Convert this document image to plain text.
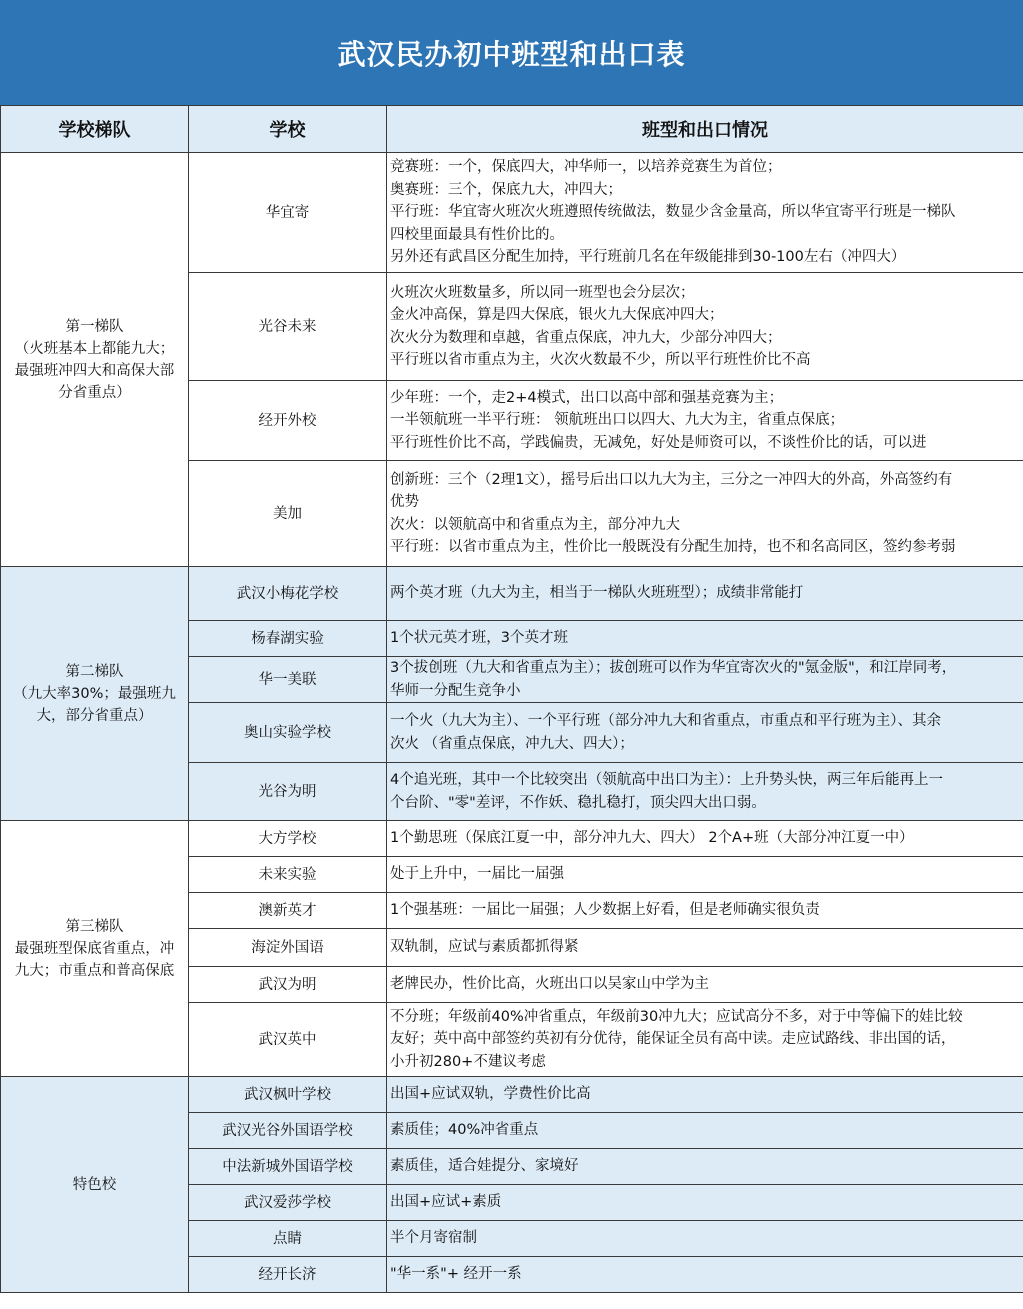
武汉民办初中班型和出口表
学校梯队	学校	班型和出口情况

第一梯队
（火班基本上都能九大；
最强班冲四大和高保大部
分省重点）	华宜寄	竞赛班：一个，保底四大，冲华师一，以培养竞赛生为首位；
奥赛班：三个，保底九大，冲四大；
平行班：华宜寄火班次火班遵照传统做法，数显少含金量高，所以华宜寄平行班是一梯队
四校里面最具有性价比的。
另外还有武昌区分配生加持，平行班前几名在年级能排到30-100左右（冲四大）

	光谷未来	火班次火班数量多，所以同一班型也会分层次；
金火冲高保，算是四大保底，银火九大保底冲四大；
次火分为数理和卓越，省重点保底，冲九大，少部分冲四大；
平行班以省市重点为主，火次火数最不少，所以平行班性价比不高

	经开外校	少年班：一个，走2+4模式，出口以高中部和强基竞赛为主；
一半领航班一半平行班： 领航班出口以四大、九大为主，省重点保底；
平行班性价比不高，学践偏贵，无减免，好处是师资可以，不谈性价比的话，可以进

	美加	创新班：三个（2理1文），摇号后出口以九大为主，三分之一冲四大的外高，外高签约有
优势
次火：以领航高中和省重点为主，部分冲九大
平行班：以省市重点为主，性价比一般既没有分配生加持，也不和名高同区，签约参考弱

第二梯队
（九大率30%；最强班九
大，部分省重点）	武汉小梅花学校	两个英才班（九大为主，相当于一梯队火班班型）；成绩非常能打

	杨春湖实验	1个状元英才班，3个英才班

	华一美联	3个拔创班（九大和省重点为主）；拔创班可以作为华宜寄次火的"氪金版"，和江岸同考，
华师一分配生竞争小

	奥山实验学校	一个火（九大为主）、一个平行班（部分冲九大和省重点，市重点和平行班为主）、其余
次火 （省重点保底，冲九大、四大）；

	光谷为明	4个追光班，其中一个比较突出（领航高中出口为主）：上升势头快，两三年后能再上一
个台阶、"零"差评，不作妖、稳扎稳打，顶尖四大出口弱。

第三梯队
最强班型保底省重点，冲
九大；市重点和普高保底	大方学校	1个勤思班（保底江夏一中，部分冲九大、四大） 2个A+班（大部分冲江夏一中）

	未来实验	处于上升中，一届比一届强

	澳新英才	1个强基班：一届比一届强；人少数据上好看，但是老师确实很负责

	海淀外国语	双轨制，应试与素质都抓得紧

	武汉为明	老牌民办，性价比高，火班出口以吴家山中学为主

	武汉英中	不分班；年级前40%冲省重点，年级前30冲九大；应试高分不多，对于中等偏下的娃比较
友好；英中高中部签约英初有分优待，能保证全员有高中读。走应试路线、非出国的话，
小升初280+不建议考虑

特色校	武汉枫叶学校	出国+应试双轨，学费性价比高

	武汉光谷外国语学校	素质佳；40%冲省重点

	中法新城外国语学校	素质佳，适合娃提分、家境好

	武汉爱莎学校	出国+应试+素质

	点睛	半个月寄宿制

	经开长济	"华一系"+ 经开一系
